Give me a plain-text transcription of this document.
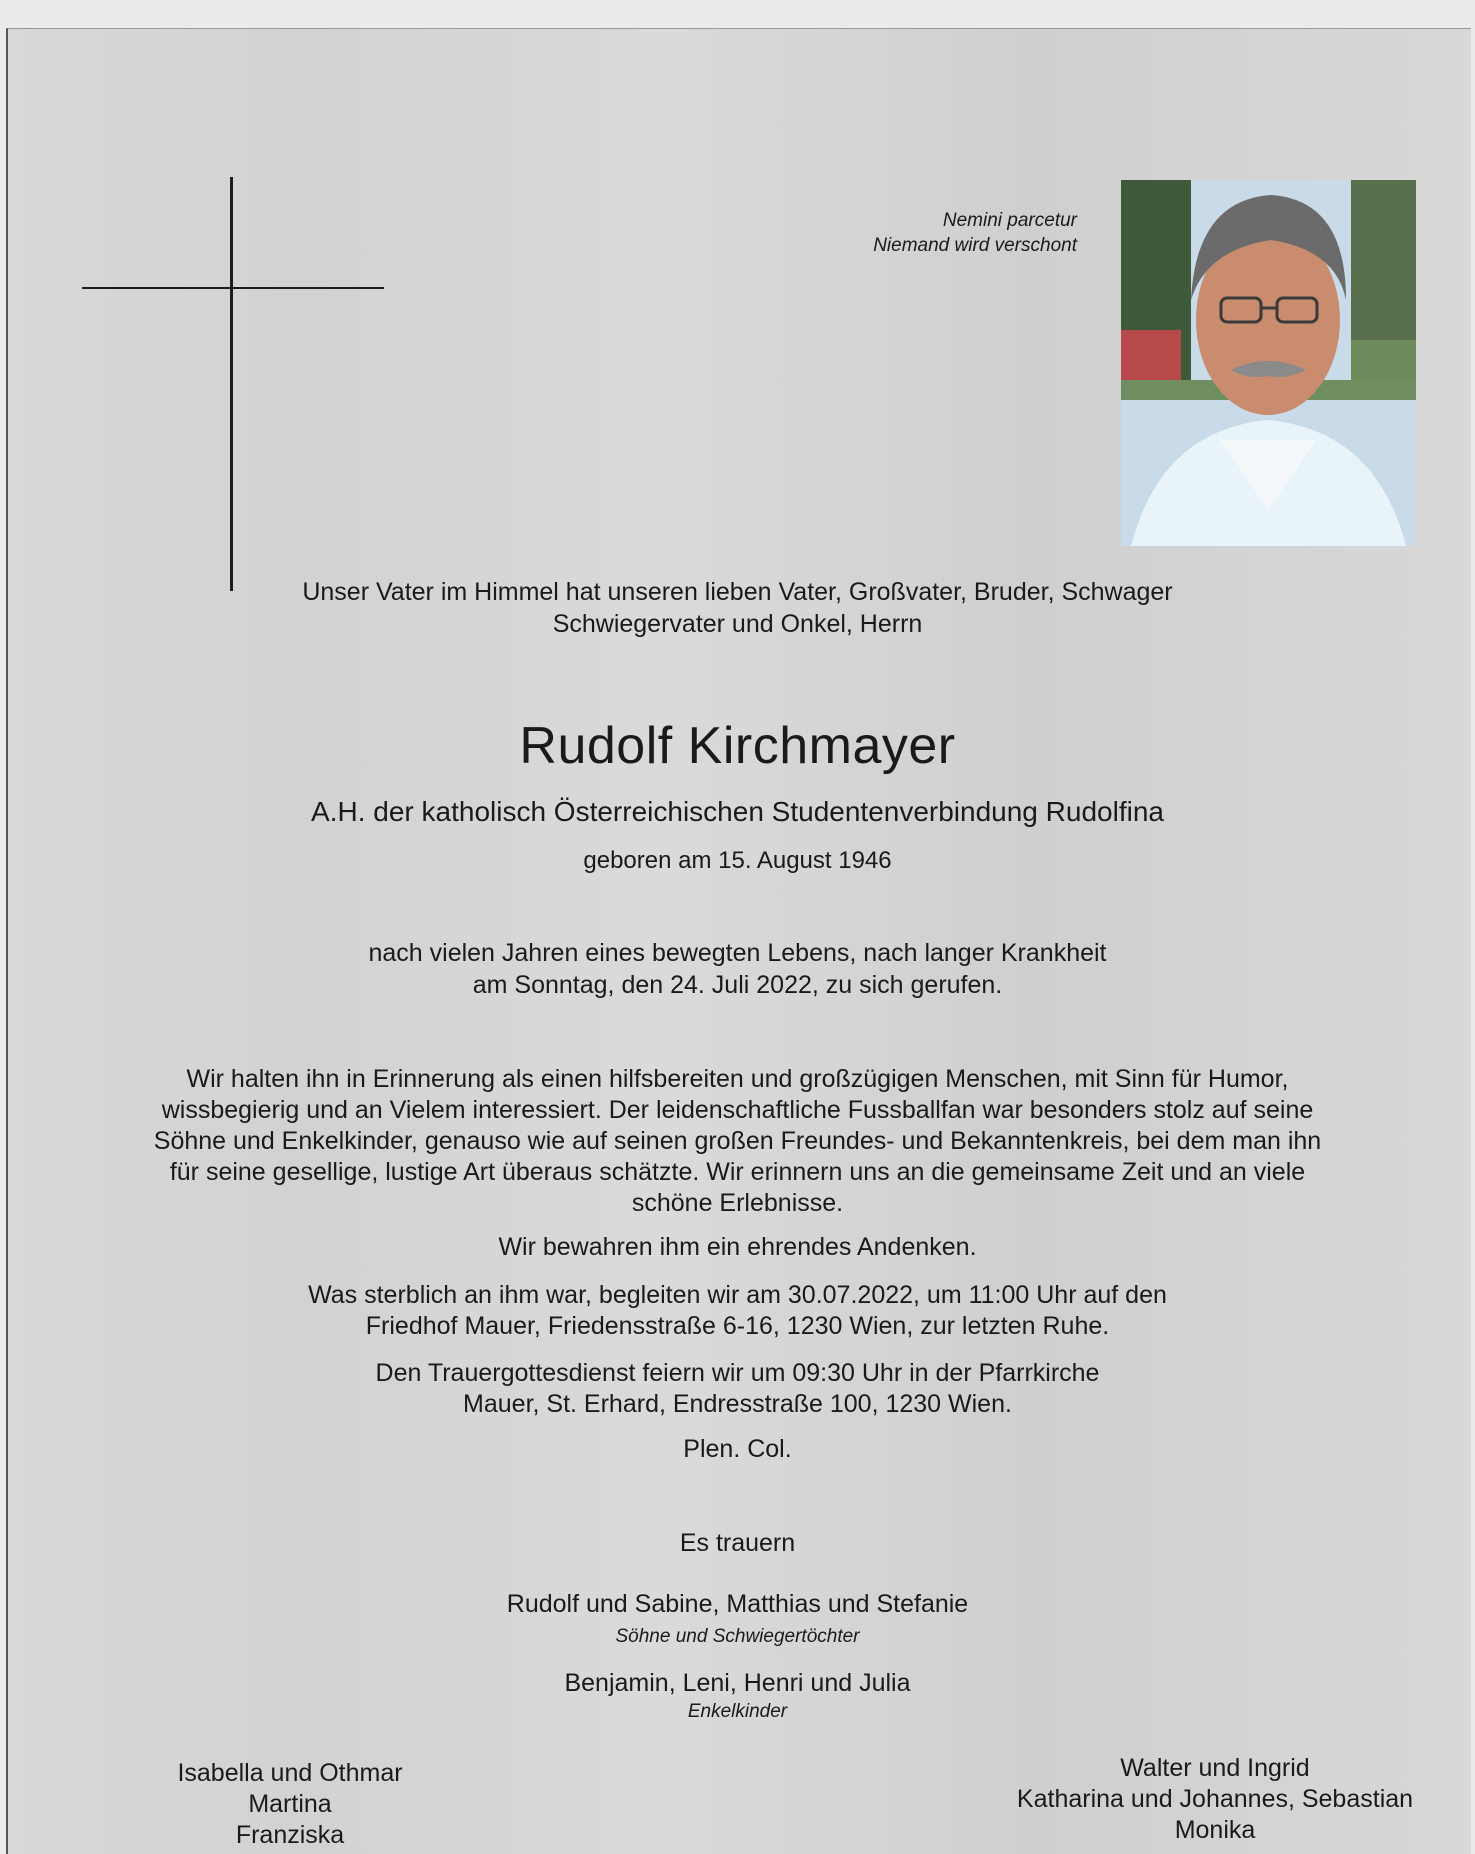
Nemini parcetur
Niemand wird verschont
Unser Vater im Himmel hat unseren lieben Vater, Großvater, Bruder, Schwager
Schwiegervater und Onkel, Herrn
Rudolf Kirchmayer
A.H. der katholisch Österreichischen Studentenverbindung Rudolfina
geboren am 15. August 1946
nach vielen Jahren eines bewegten Lebens, nach langer Krankheit
am Sonntag, den 24. Juli 2022, zu sich gerufen.
Wir halten ihn in Erinnerung als einen hilfsbereiten und großzügigen Menschen, mit Sinn für Humor,
wissbegierig und an Vielem interessiert. Der leidenschaftliche Fussballfan war besonders stolz auf seine
Söhne und Enkelkinder, genauso wie auf seinen großen Freundes- und Bekanntenkreis, bei dem man ihn
für seine gesellige, lustige Art überaus schätzte. Wir erinnern uns an die gemeinsame Zeit und an viele
schöne Erlebnisse.
Wir bewahren ihm ein ehrendes Andenken.
Was sterblich an ihm war, begleiten wir am 30.07.2022, um 11:00 Uhr auf den
Friedhof Mauer, Friedensstraße 6-16, 1230 Wien, zur letzten Ruhe.
Den Trauergottesdienst feiern wir um 09:30 Uhr in der Pfarrkirche
Mauer, St. Erhard, Endresstraße 100, 1230 Wien.
Plen. Col.
Es trauern
Rudolf und Sabine, Matthias und Stefanie
Söhne und Schwiegertöchter
Benjamin, Leni, Henri und Julia
Enkelkinder
Isabella und Othmar
Martina
Franziska
Walter und Ingrid
Katharina und Johannes, Sebastian
Monika
